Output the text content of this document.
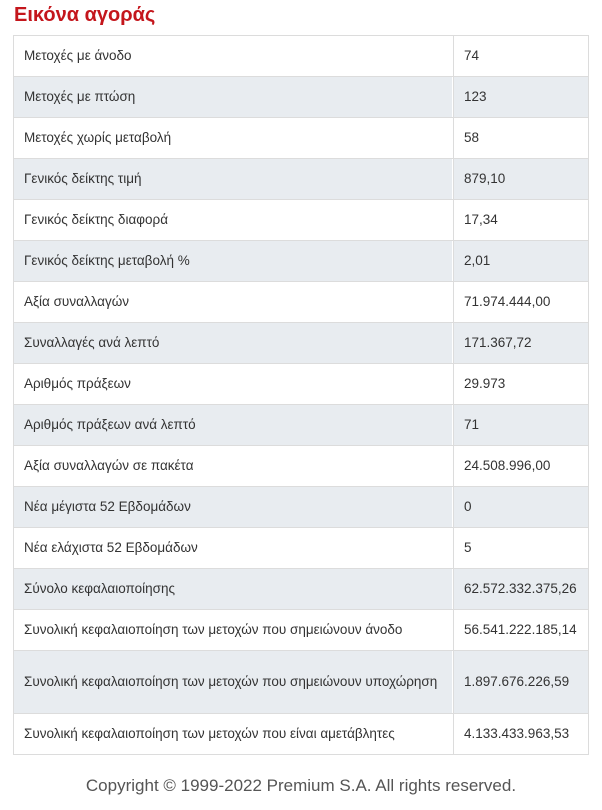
Εικόνα αγοράς
Μετοχές με άνοδο	74
Μετοχές με πτώση	123
Μετοχές χωρίς μεταβολή	58
Γενικός δείκτης τιμή	879,10
Γενικός δείκτης διαφορά	17,34
Γενικός δείκτης μεταβολή %	2,01
Αξία συναλλαγών	71.974.444,00
Συναλλαγές ανά λεπτό	171.367,72
Αριθμός πράξεων	29.973
Αριθμός πράξεων ανά λεπτό	71
Αξία συναλλαγών σε πακέτα	24.508.996,00
Νέα μέγιστα 52 Εβδομάδων	0
Νέα ελάχιστα 52 Εβδομάδων	5
Σύνολο κεφαλαιοποίησης	62.572.332.375,26
Συνολική κεφαλαιοποίηση των μετοχών που σημειώνουν άνοδο	56.541.222.185,14
Συνολική κεφαλαιοποίηση των μετοχών που σημειώνουν υποχώρηση	1.897.676.226,59
Συνολική κεφαλαιοποίηση των μετοχών που είναι αμετάβλητες	4.133.433.963,53
Copyright © 1999-2022 Premium S.A. All rights reserved.
